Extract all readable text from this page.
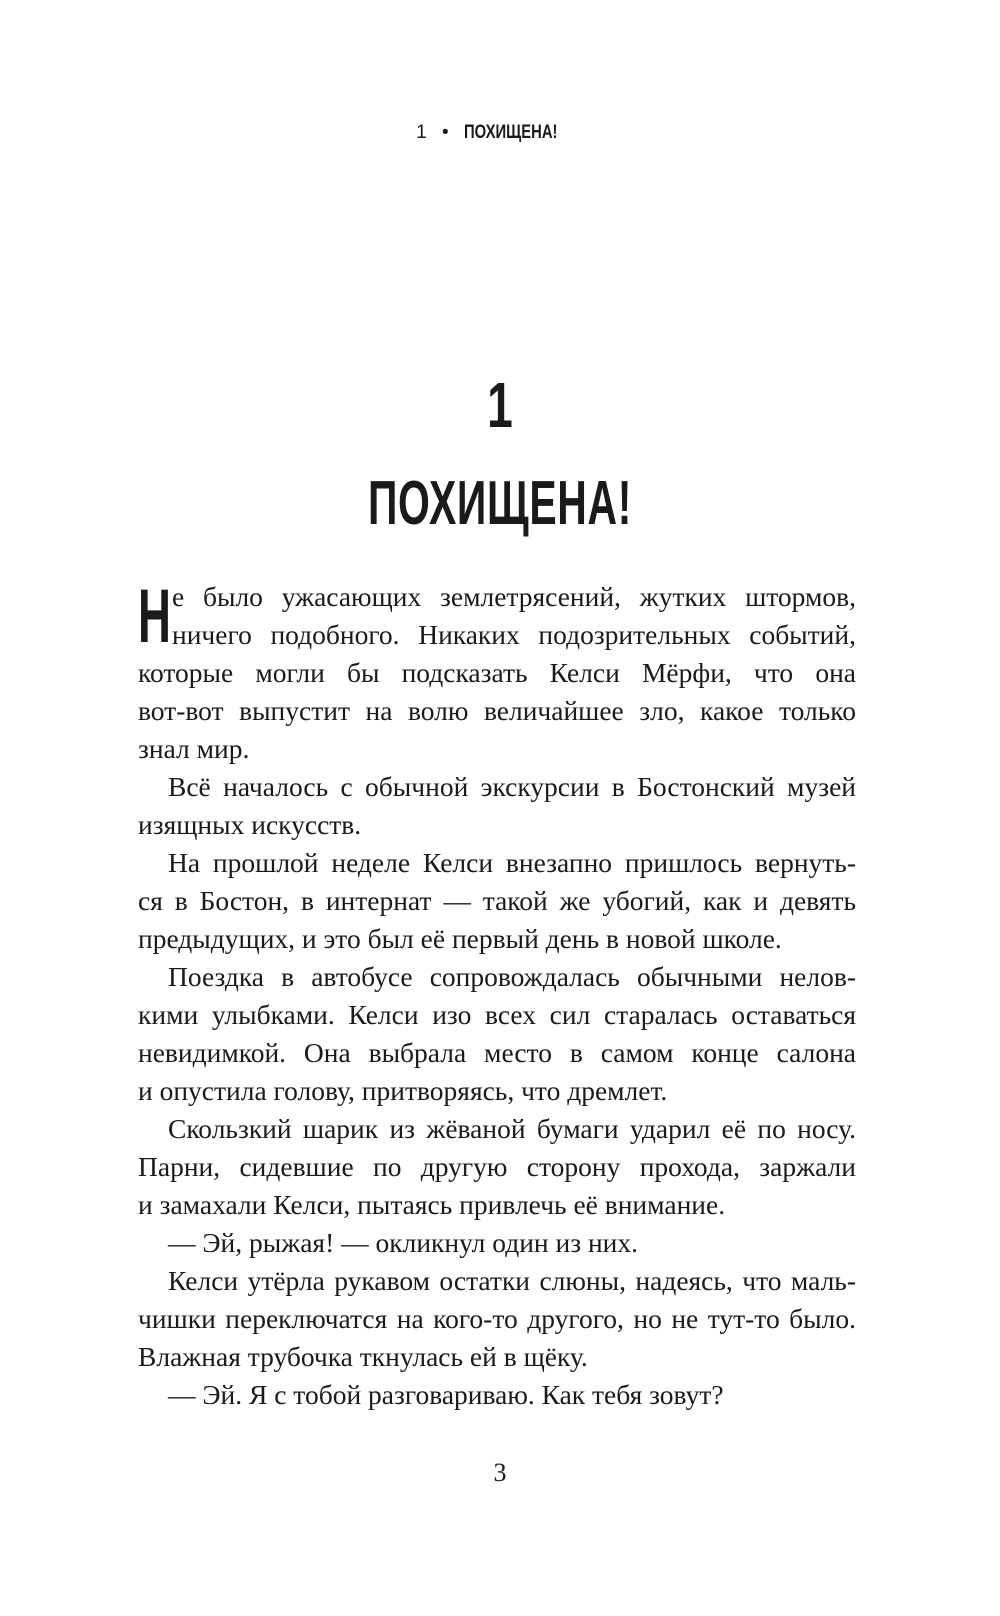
1 • ПОХИЩЕНА!
1
ПОХИЩЕНА!
Н е было ужасающих землетрясений, жутких штормов,
ничего подобного. Никаких подозрительных событий,
которые могли бы подсказать Келси Мёрфи, что она
вот-вот выпустит на волю величайшее зло, какое только
знал мир.
Всё началось с обычной экскурсии в Бостонский музей
изящных искусств.
На прошлой неделе Келси внезапно пришлось вернуть-
ся в Бостон, в интернат — такой же убогий, как и девять
предыдущих, и это был её первый день в новой школе.
Поездка в автобусе сопровождалась обычными нелов-
кими улыбками. Келси изо всех сил старалась оставаться
невидимкой. Она выбрала место в самом конце салона
и опустила голову, притворяясь, что дремлет.
Скользкий шарик из жёваной бумаги ударил её по носу.
Парни, сидевшие по другую сторону прохода, заржали
и замахали Келси, пытаясь привлечь её внимание.
— Эй, рыжая! — окликнул один из них.
Келси утёрла рукавом остатки слюны, надеясь, что маль-
чишки переключатся на кого-то другого, но не тут-то было.
Влажная трубочка ткнулась ей в щёку.
— Эй. Я с тобой разговариваю. Как тебя зовут?
3
